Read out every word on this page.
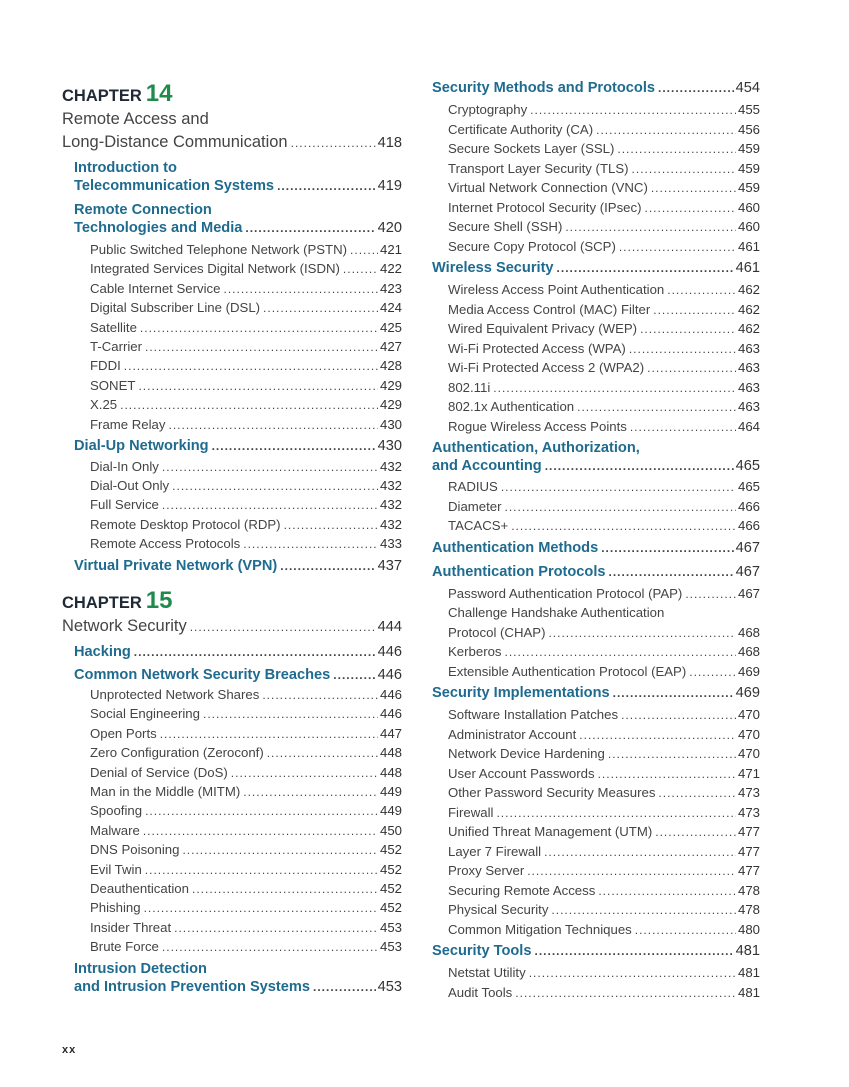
CHAPTER 14
Remote Access and
Long-Distance Communication .....	418
Introduction to
Telecommunication Systems .....	419
Remote Connection
Technologies and Media .....	420
Public Switched Telephone Network (PSTN) ..... 421
Integrated Services Digital Network (ISDN) .....	422
Cable Internet Service .....	423
Digital Subscriber Line (DSL) .....	424
Satellite .....	425
T-Carrier .....	427
FDDI .....	428
SONET .....	429
X.25 .....	429
Frame Relay .....	430
Dial-Up Networking .....	430
Dial-In Only .....	432
Dial-Out Only .....	432
Full Service .....	432
Remote Desktop Protocol (RDP) .....	432
Remote Access Protocols .....	433
Virtual Private Network (VPN) .....	437
CHAPTER 15
Network Security .....	444
Hacking .....	446
Common Network Security Breaches .....	446
Unprotected Network Shares .....	446
Social Engineering .....	446
Open Ports .....	447
Zero Configuration (Zeroconf) .....	448
Denial of Service (DoS) .....	448
Man in the Middle (MITM) .....	449
Spoofing .....	449
Malware .....	450
DNS Poisoning .....	452
Evil Twin .....	452
Deauthentication .....	452
Phishing .....	452
Insider Threat .....	453
Brute Force .....	453
Intrusion Detection
and Intrusion Prevention Systems .....	453
Security Methods and Protocols .....	454
Cryptography .....	455
Certificate Authority (CA) .....	456
Secure Sockets Layer (SSL) .....	459
Transport Layer Security (TLS) .....	459
Virtual Network Connection (VNC) .....	459
Internet Protocol Security (IPsec) .....	460
Secure Shell (SSH) .....	460
Secure Copy Protocol (SCP) .....	461
Wireless Security .....	461
Wireless Access Point Authentication .....	462
Media Access Control (MAC) Filter .....	462
Wired Equivalent Privacy (WEP) .....	462
Wi-Fi Protected Access (WPA) .....	463
Wi-Fi Protected Access 2 (WPA2) .....	463
802.11i .....	463
802.1x Authentication .....	463
Rogue Wireless Access Points .....	464
Authentication, Authorization,
and Accounting .....	465
RADIUS .....	465
Diameter .....	466
TACACS+ .....	466
Authentication Methods .....	467
Authentication Protocols .....	467
Password Authentication Protocol (PAP) .....	467
Challenge Handshake Authentication
Protocol (CHAP) .....	468
Kerberos .....	468
Extensible Authentication Protocol (EAP) .....	469
Security Implementations .....	469
Software Installation Patches .....	470
Administrator Account .....	470
Network Device Hardening .....	470
User Account Passwords .....	471
Other Password Security Measures .....	473
Firewall .....	473
Unified Threat Management (UTM) .....	477
Layer 7 Firewall .....	477
Proxy Server .....	477
Securing Remote Access .....	478
Physical Security .....	478
Common Mitigation Techniques .....	480
Security Tools .....	481
Netstat Utility .....	481
Audit Tools .....	481
xx
